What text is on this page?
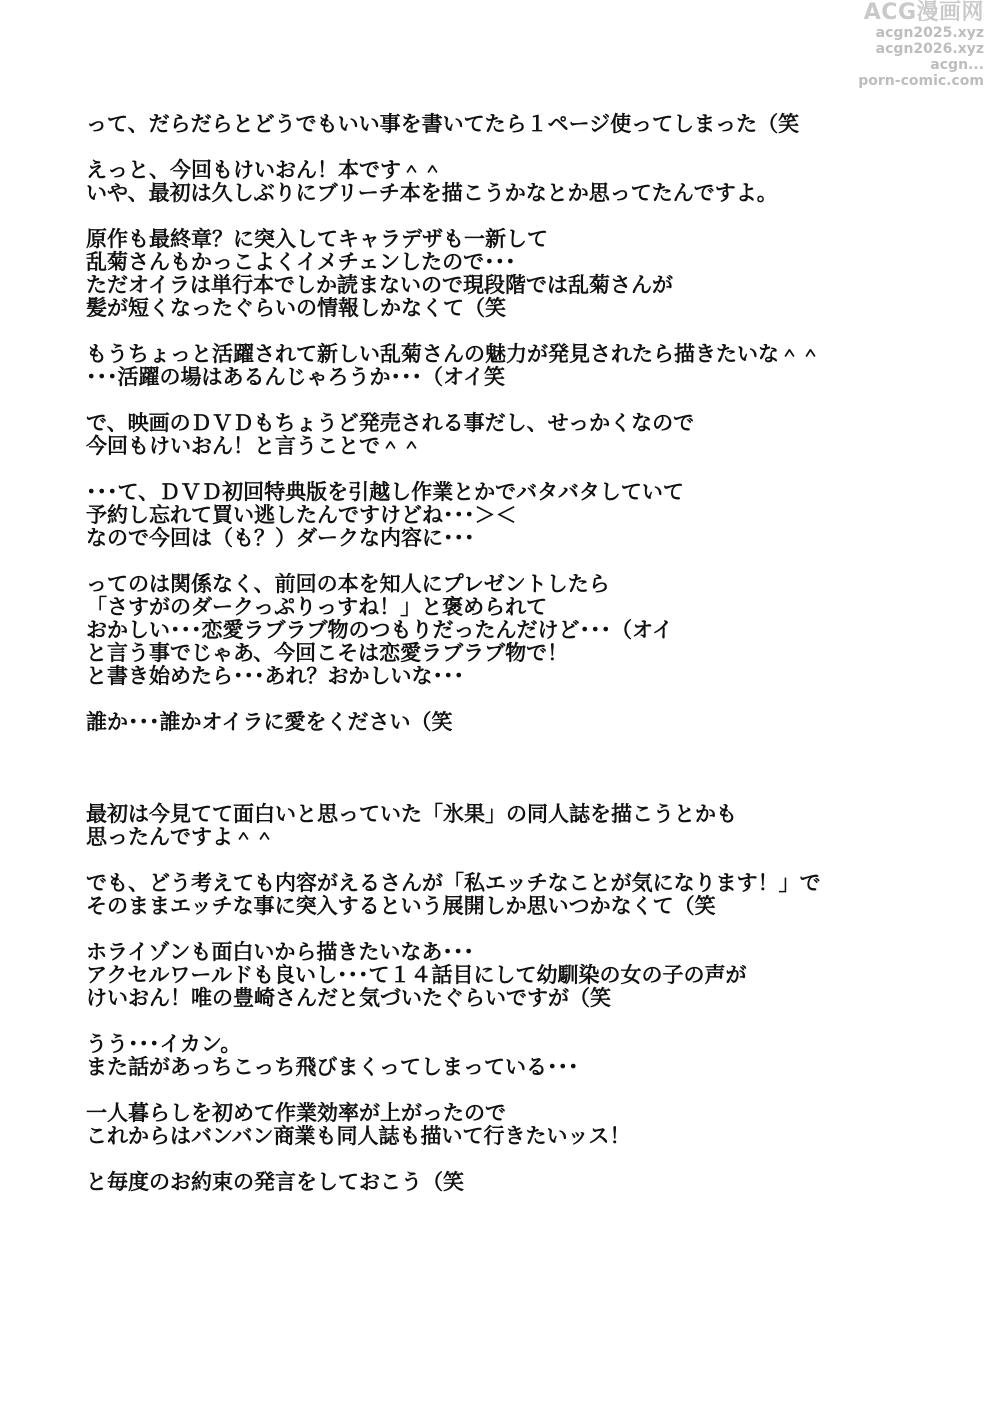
ACG漫画网
acgn2025.xyz
acgn2026.xyz
acgn...
porn-comic.com
って、だらだらとどうでもいい事を書いてたら１ページ使ってしまった（笑
えっと、今回もけいおん！本です＾＾
いや、最初は久しぶりにブリーチ本を描こうかなとか思ってたんですよ。
原作も最終章？に突入してキャラデザも一新して
乱菊さんもかっこよくイメチェンしたので･･･
ただオイラは単行本でしか読まないので現段階では乱菊さんが
髪が短くなったぐらいの情報しかなくて（笑
もうちょっと活躍されて新しい乱菊さんの魅力が発見されたら描きたいな＾＾
･･･活躍の場はあるんじゃろうか･･･（オイ笑
で、映画のＤＶＤもちょうど発売される事だし、せっかくなので
今回もけいおん！と言うことで＾＾
･･･て、ＤＶＤ初回特典版を引越し作業とかでバタバタしていて
予約し忘れて買い逃したんですけどね･･･＞＜
なので今回は（も？）ダークな内容に･･･
ってのは関係なく、前回の本を知人にプレゼントしたら
「さすがのダークっぷりっすね！」と褒められて
おかしい･･･恋愛ラブラブ物のつもりだったんだけど･･･（オイ
と言う事でじゃあ、今回こそは恋愛ラブラブ物で！
と書き始めたら･･･あれ？おかしいな･･･
誰か･･･誰かオイラに愛をください（笑
最初は今見てて面白いと思っていた「氷果」の同人誌を描こうとかも
思ったんですよ＾＾
でも、どう考えても内容がえるさんが「私エッチなことが気になります！」で
そのままエッチな事に突入するという展開しか思いつかなくて（笑
ホライゾンも面白いから描きたいなあ･･･
アクセルワールドも良いし･･･て１４話目にして幼馴染の女の子の声が
けいおん！唯の豊崎さんだと気づいたぐらいですが（笑
うう･･･イカン。
また話があっちこっち飛びまくってしまっている･･･
一人暮らしを初めて作業効率が上がったので
これからはバンバン商業も同人誌も描いて行きたいッス！
と毎度のお約束の発言をしておこう（笑
